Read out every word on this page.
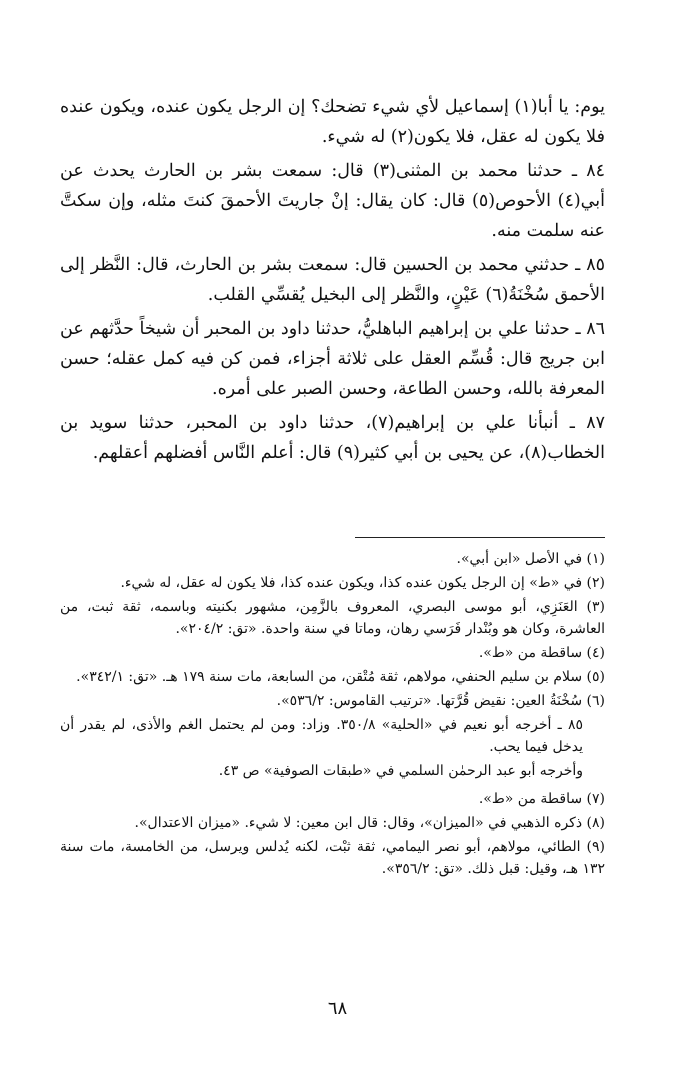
يوم: يا أبا(١) إسماعيل لأي شيء تضحك؟ إن الرجل يكون عنده، ويكون عنده فلا يكون له عقل، فلا يكون(٢) له شيء.

٨٤ ـ حدثنا محمد بن المثنى(٣) قال: سمعت بشر بن الحارث يحدث عن أبي(٤) الأحوص(٥) قال: كان يقال: إنْ جاريتَ الأحمقَ كنتَ مثله، وإن سكتَّ عنه سلمت منه.

٨٥ ـ حدثني محمد بن الحسين قال: سمعت بشر بن الحارث، قال: النَّظر إلى الأحمق سُخْنَةُ(٦) عَيْنٍ، والنَّظر إلى البخيل يُقسِّي القلب.

٨٦ ـ حدثنا علي بن إبراهيم الباهليُّ، حدثنا داود بن المحبر أن شيخاً حدَّثهم عن ابن جريج قال: قُسِّم العقل على ثلاثة أجزاء، فمن كن فيه كمل عقله؛ حسن المعرفة بالله، وحسن الطاعة، وحسن الصبر على أمره.

٨٧ ـ أنبأنا علي بن إبراهيم(٧)، حدثنا داود بن المحبر، حدثنا سويد بن الخطاب(٨)، عن يحيى بن أبي كثير(٩) قال: أعلم النَّاس أفضلهم أعقلهم.

(١) في الأصل «ابن أبي».

(٢) في «ط» إن الرجل يكون عنده كذا، ويكون عنده كذا، فلا يكون له عقل، له شيء.

(٣) العَنَزِي، أبو موسى البصري، المعروف بالزَّمِن، مشهور بكنيته وباسمه، ثقة ثبت، من العاشرة، وكان هو وبُنْدار فَرَسي رهان، وماتا في سنة واحدة. «تق: ٢٠٤/٢».

(٤) ساقطة من «ط».

(٥) سلام بن سليم الحنفي، مولاهم، ثقة مُتْقن، من السابعة، مات سنة ١٧٩ هـ. «تق: ٣٤٢/١».

(٦) سُخْنَةُ العين: نقيض قُرَّتها. «ترتيب القاموس: ٥٣٦/٢».

٨٥ ـ أخرجه أبو نعيم في «الحلية» ٣٥٠/٨. وزاد: ومن لم يحتمل الغم والأذى، لم يقدر أن يدخل فيما يحب.

وأخرجه أبو عبد الرحمٰن السلمي في «طبقات الصوفية» ص ٤٣.

(٧) ساقطة من «ط».

(٨) ذكره الذهبي في «الميزان»، وقال: قال ابن معين: لا شيء. «ميزان الاعتدال».

(٩) الطائي، مولاهم، أبو نصر اليمامي، ثقة ثبْت، لكنه يُدلس ويرسل، من الخامسة، مات سنة ١٣٢ هـ، وقيل: قبل ذلك. «تق: ٣٥٦/٢».

٦٨
